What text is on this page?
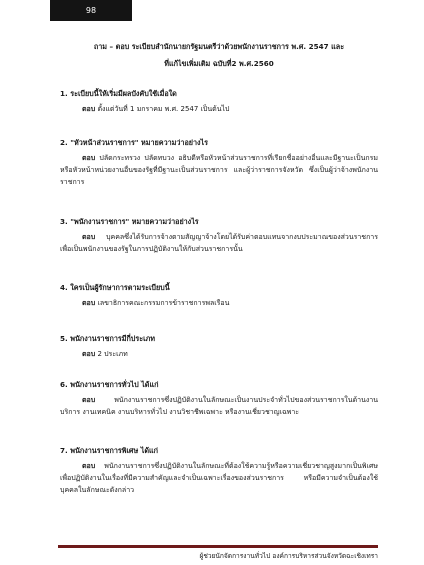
98
ถาม – ตอบ ระเบียบสำนักนายกรัฐมนตรีว่าด้วยพนักงานราชการ พ.ศ. 2547 และ
ที่แก้ไขเพิ่มเติม ฉบับที่2 พ.ศ.2560
1. ระเบียบนี้ให้เริ่มมีผลบังคับใช้เมื่อใด
ตอบ ตั้งแต่วันที่ 1 มกราคม พ.ศ. 2547 เป็นต้นไป
2. "หัวหน้าส่วนราชการ" หมายความว่าอย่างไร
ตอบ ปลัดกระทรวง ปลัดทบวง อธิบดีหรือหัวหน้าส่วนราชการที่เรียกชื่ออย่างอื่นและมีฐานะเป็นกรม หรือหัวหน้าหน่วยงานอื่นของรัฐที่มีฐานะเป็นส่วนราชการ และผู้ว่าราชการจังหวัด ซึ่งเป็นผู้ว่าจ้างพนักงานราชการ
3. "พนักงานราชการ" หมายความว่าอย่างไร
ตอบ บุคคลซึ่งได้รับการจ้างตามสัญญาจ้างโดยได้รับค่าตอบแทนจากงบประมาณของส่วนราชการเพื่อเป็นพนักงานของรัฐในการปฏิบัติงานให้กับส่วนราชการนั้น
4. ใครเป็นผู้รักษาการตามระเบียบนี้
ตอบ เลขาธิการคณะกรรมการข้าราชการพลเรือน
5. พนักงานราชการมีกี่ประเภท
ตอบ 2 ประเภท
6. พนักงานราชการทั่วไป ได้แก่
ตอบ	พนักงานราชการซึ่งปฏิบัติงานในลักษณะเป็นงานประจำทั่วไปของส่วนราชการในด้านงานบริการ งานเทคนิค งานบริหารทั่วไป งานวิชาชีพเฉพาะ หรืองานเชี่ยวชาญเฉพาะ
7. พนักงานราชการพิเศษ ได้แก่
ตอบ พนักงานราชการซึ่งปฏิบัติงานในลักษณะที่ต้องใช้ความรู้หรือความเชี่ยวชาญสูงมากเป็นพิเศษเพื่อปฏิบัติงานในเรื่องที่มีความสำคัญและจำเป็นเฉพาะเรื่องของส่วนราชการ หรือมีความจำเป็นต้องใช้บุคคลในลักษณะดังกล่าว
ผู้ช่วยนักจัดการงานทั่วไป องค์การบริหารส่วนจังหวัดฉะเชิงเทรา
